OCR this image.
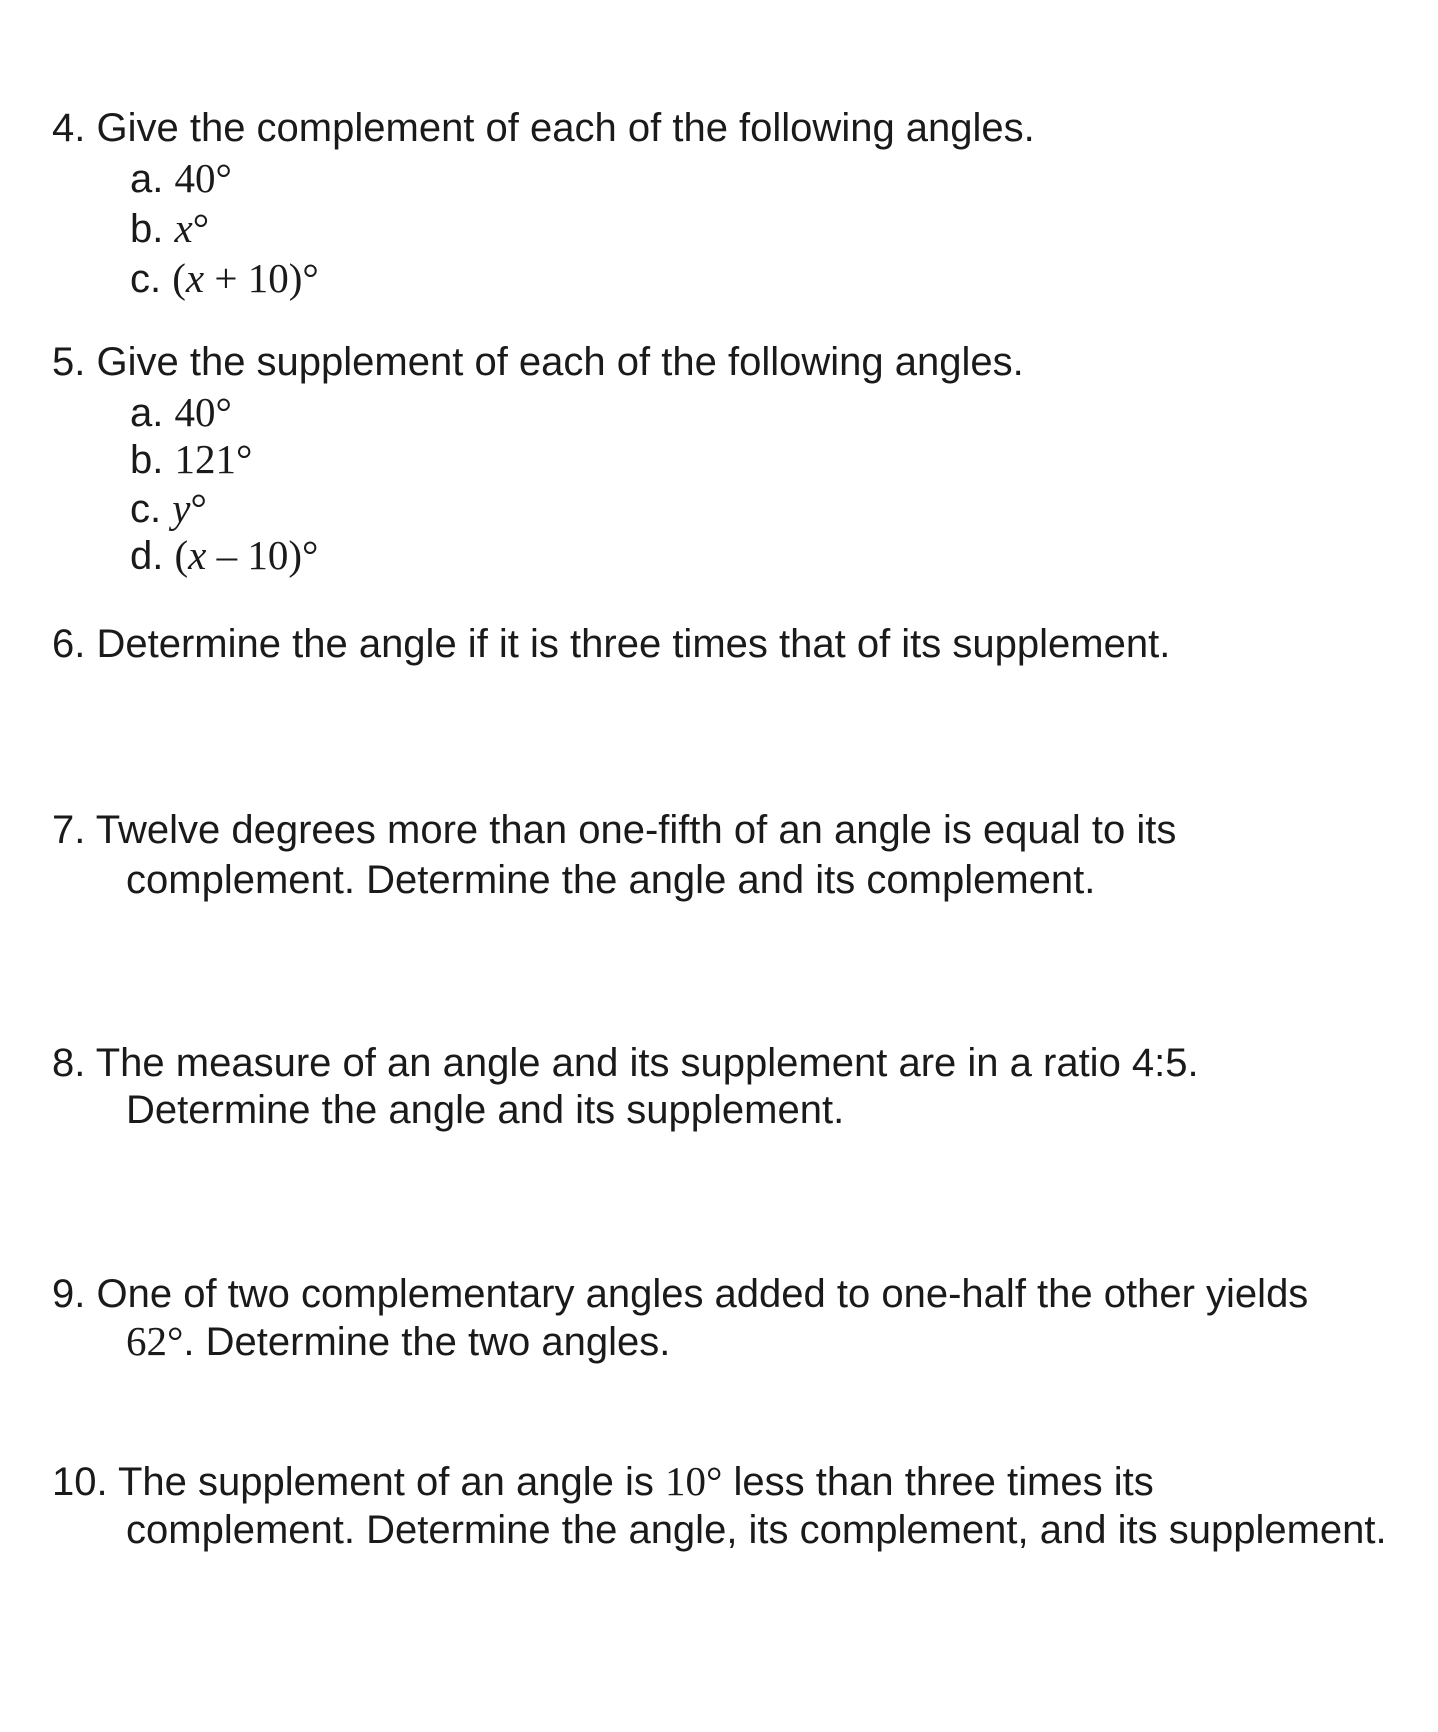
4. Give the complement of each of the following angles.
a. 40°
b. x°
c. (x + 10)°
5. Give the supplement of each of the following angles.
a. 40°
b. 121°
c. y°
d. (x – 10)°
6. Determine the angle if it is three times that of its supplement.
7. Twelve degrees more than one-fifth of an angle is equal to its
complement. Determine the angle and its complement.
8. The measure of an angle and its supplement are in a ratio 4:5.
Determine the angle and its supplement.
9. One of two complementary angles added to one-half the other yields
62°. Determine the two angles.
10. The supplement of an angle is 10° less than three times its
complement. Determine the angle, its complement, and its supplement.
